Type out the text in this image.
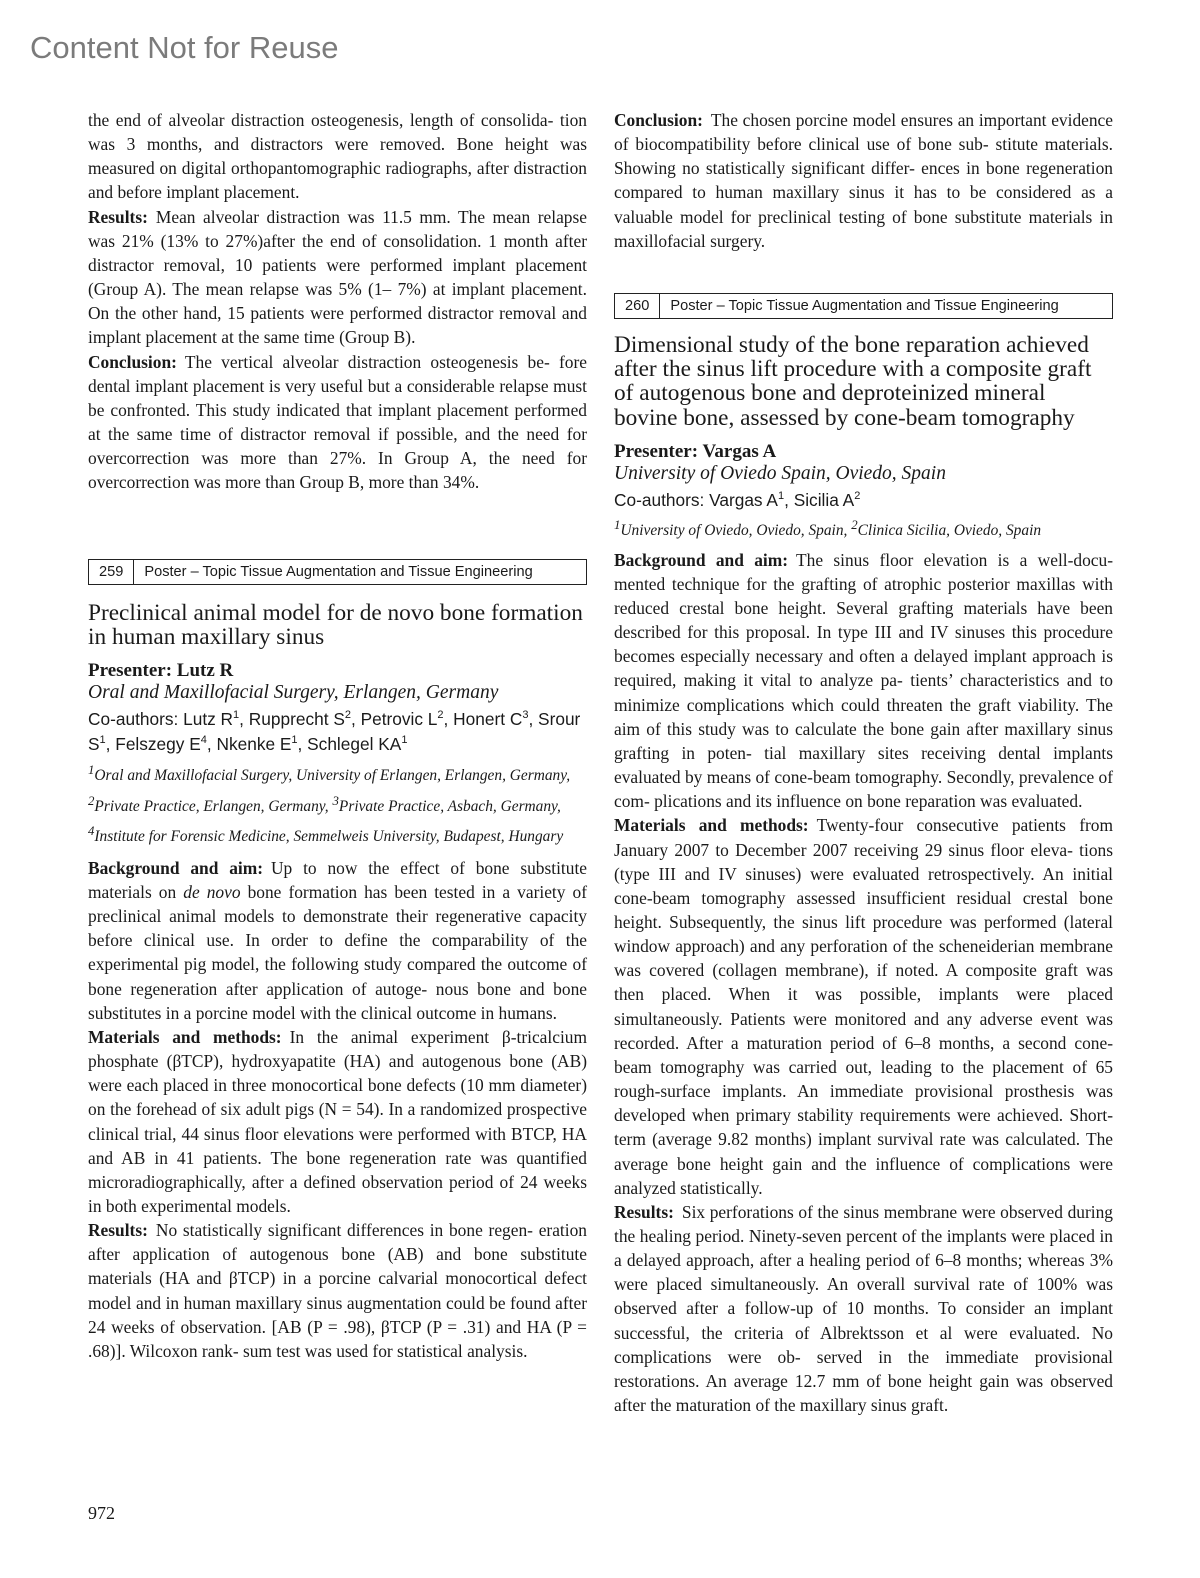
Content Not for Reuse

the end of alveolar distraction osteogenesis, length of consolida- tion was 3 months, and distractors were removed. Bone height was measured on digital orthopantomographic radiographs, after distraction and before implant placement.

Results: Mean alveolar distraction was 11.5 mm. The mean relapse was 21% (13% to 27%)after the end of consolidation. 1 month after distractor removal, 10 patients were performed implant placement (Group A). The mean relapse was 5% (1– 7%) at implant placement. On the other hand, 15 patients were performed distractor removal and implant placement at the same time (Group B).

Conclusion: The vertical alveolar distraction osteogenesis be- fore dental implant placement is very useful but a considerable relapse must be confronted. This study indicated that implant placement performed at the same time of distractor removal if possible, and the need for overcorrection was more than 27%. In Group A, the need for overcorrection was more than Group B, more than 34%.

259	Poster – Topic Tissue Augmentation and Tissue Engineering
Preclinical animal model for de novo bone formation in human maxillary sinus

Presenter: Lutz R

Oral and Maxillofacial Surgery, Erlangen, Germany

Co-authors: Lutz $R^1$, Rupprecht $S^2$, Petrovic $L^2$, Honert $C^3$, Srour $S^1$, Felszegy $E^4$, Nkenke $E^1$, Schlegel $KA^1$

$^1$Oral and Maxillofacial Surgery, University of Erlangen, Erlangen, Germany, $^2$Private Practice, Erlangen, Germany, $^3$Private Practice, Asbach, Germany, $^4$Institute for Forensic Medicine, Semmelweis University, Budapest, Hungary

Background and aim: Up to now the effect of bone substitute materials on de novo bone formation has been tested in a variety of preclinical animal models to demonstrate their regenerative capacity before clinical use. In order to define the comparability of the experimental pig model, the following study compared the outcome of bone regeneration after application of autoge- nous bone and bone substitutes in a porcine model with the clinical outcome in humans.

Materials and methods: In the animal experiment β-tricalcium phosphate (βTCP), hydroxyapatite (HA) and autogenous bone (AB) were each placed in three monocortical bone defects (10 mm diameter) on the forehead of six adult pigs (N = 54). In a randomized prospective clinical trial, 44 sinus floor elevations were performed with BTCP, HA and AB in 41 patients. The bone regeneration rate was quantified microradiographically, after a defined observation period of 24 weeks in both experimental models.

Results: No statistically significant differences in bone regen- eration after application of autogenous bone (AB) and bone substitute materials (HA and βTCP) in a porcine calvarial monocortical defect model and in human maxillary sinus augmentation could be found after 24 weeks of observation. [AB (P = .98), βTCP (P = .31) and HA (P = .68)]. Wilcoxon rank- sum test was used for statistical analysis.

Conclusion: The chosen porcine model ensures an important evidence of biocompatibility before clinical use of bone sub- stitute materials. Showing no statistically significant differ- ences in bone regeneration compared to human maxillary sinus it has to be considered as a valuable model for preclinical testing of bone substitute materials in maxillofacial surgery.

260	Poster – Topic Tissue Augmentation and Tissue Engineering
Dimensional study of the bone reparation achieved after the sinus lift procedure with a composite graft of autogenous bone and deproteinized mineral bovine bone, assessed by cone-beam tomography

Presenter: Vargas A

University of Oviedo Spain, Oviedo, Spain

Co-authors: Vargas $A^1$, Sicilia $A^2$

$^1$University of Oviedo, Oviedo, Spain, $^2$Clinica Sicilia, Oviedo, Spain

Background and aim: The sinus floor elevation is a well-docu- mented technique for the grafting of atrophic posterior maxillas with reduced crestal bone height. Several grafting materials have been described for this proposal. In type III and IV sinuses this procedure becomes especially necessary and often a delayed implant approach is required, making it vital to analyze pa- tients’ characteristics and to minimize complications which could threaten the graft viability. The aim of this study was to calculate the bone gain after maxillary sinus grafting in poten- tial maxillary sites receiving dental implants evaluated by means of cone-beam tomography. Secondly, prevalence of com- plications and its influence on bone reparation was evaluated.

Materials and methods: Twenty-four consecutive patients from January 2007 to December 2007 receiving 29 sinus floor eleva- tions (type III and IV sinuses) were evaluated retrospectively. An initial cone-beam tomography assessed insufficient residual crestal bone height. Subsequently, the sinus lift procedure was performed (lateral window approach) and any perforation of the scheneiderian membrane was covered (collagen membrane), if noted. A composite graft was then placed. When it was possible, implants were placed simultaneously. Patients were monitored and any adverse event was recorded. After a maturation period of 6–8 months, a second cone-beam tomography was carried out, leading to the placement of 65 rough-surface implants. An immediate provisional prosthesis was developed when primary stability requirements were achieved. Short-term (average 9.82 months) implant survival rate was calculated. The average bone height gain and the influence of complications were analyzed statistically.

Results: Six perforations of the sinus membrane were observed during the healing period. Ninety-seven percent of the implants were placed in a delayed approach, after a healing period of 6–8 months; whereas 3% were placed simultaneously. An overall survival rate of 100% was observed after a follow-up of 10 months. To consider an implant successful, the criteria of Albrektsson et al were evaluated. No complications were ob- served in the immediate provisional restorations. An average 12.7 mm of bone height gain was observed after the maturation of the maxillary sinus graft.

972
